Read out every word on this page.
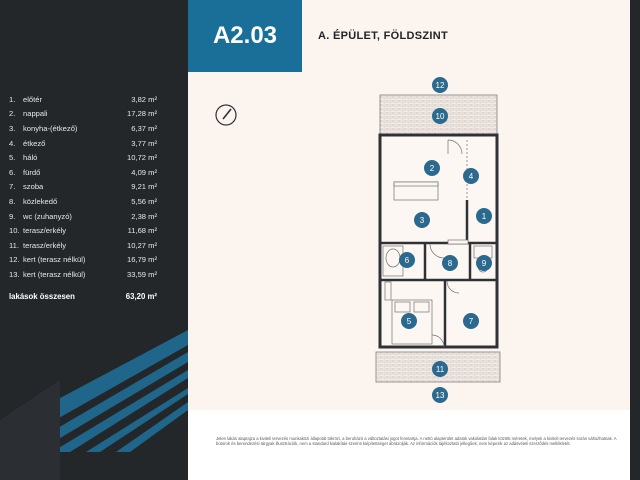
1.	előtér	3,82 m²
2.	nappali	17,28 m²
3.	konyha-(étkező)	6,37 m²
4.	étkező	3,77 m²
5.	háló	10,72 m²
6.	fürdő	4,09 m²
7.	szoba	9,21 m²
8.	közlekedő	5,56 m²
9.	wc (zuhanyzó)	2,38 m²
10. terasz/erkély	11,68 m²
11. terasz/erkély	10,27 m²
12. kert (terasz nélkül)	16,79 m²
13. kert (terasz nélkül)	33,59 m²
lakások összesen	63,20 m²
A2.03	A. ÉPÜLET, FÖLDSZINT
12
10
2
4
3	1
6	8	9
5	7
11
13
Jelen lakás alaprajza a kiviteli tervezés munkaközi állapotát tükrözi, a beruházó a változtatási jogot fenntartja. A nettó alapterület adatok vakolatlan falak közötti méretek, melyek a kiviteli tervezés során változhatnak. A bútorok és berendezési tárgyak illusztrációk, nem a standard kialakítás szerinti kiépítettséget ábrázolják. Az információk tájékoztató jellegűek, nem képezik az adásvételi szerződés mellékletét.
